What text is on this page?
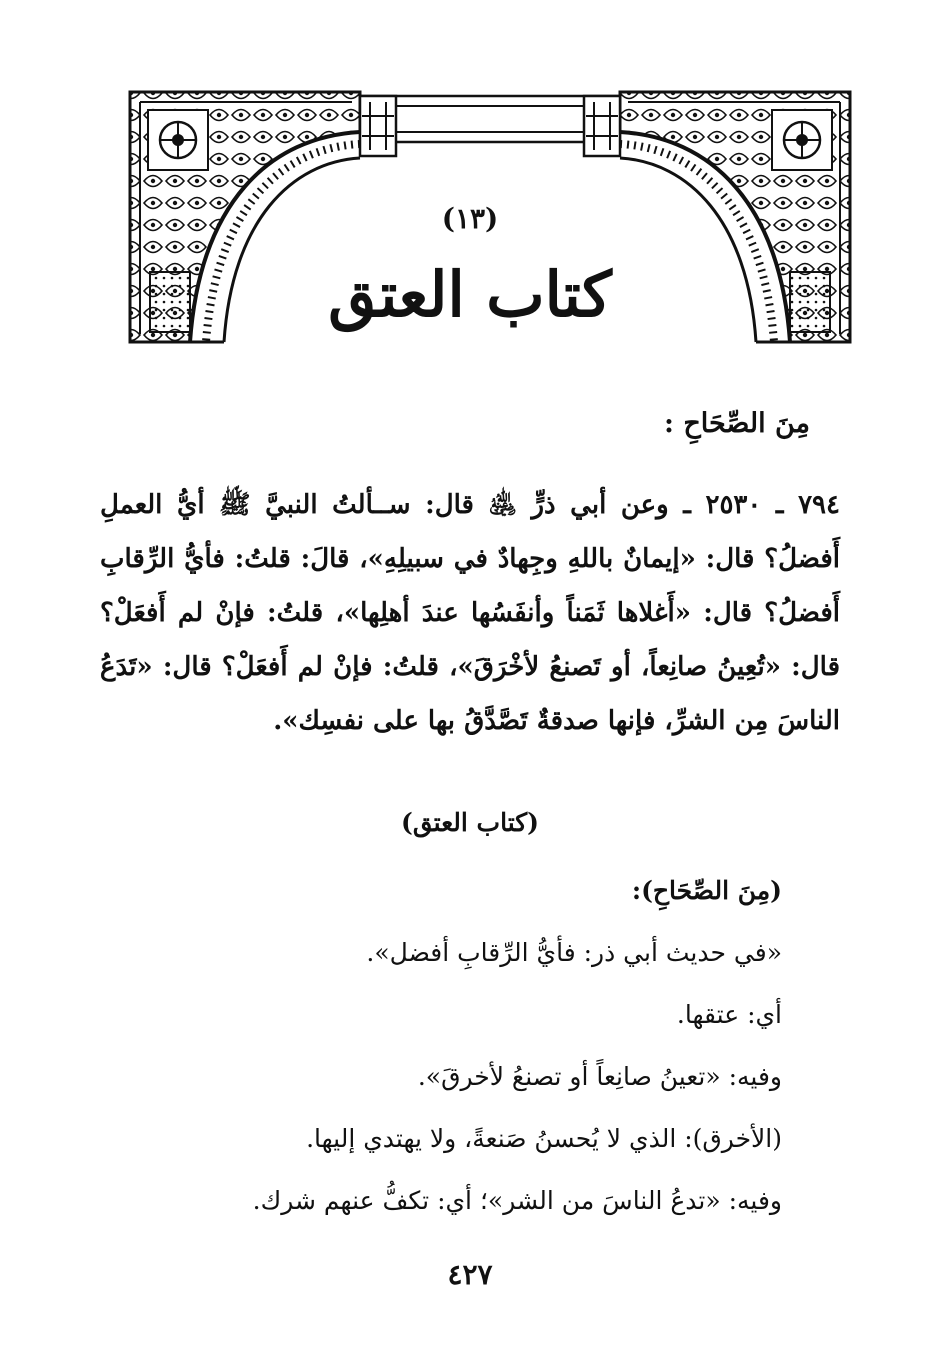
(١٣)
كتاب العتق
مِنَ الصِّحَاحِ :

٧٩٤ ـ ٢٥٣٠ ـ وعن أبي ذرٍّ ﵁ قال: ســألتُ النبيَّ ﷺ أيُّ العملِ أَفضلُ؟ قال: «إيمانٌ باللهِ وجِهادٌ في سبيلِهِ»، قالَ: قلتُ: فأيُّ الرِّقابِ أَفضلُ؟ قال: «أَغلاها ثَمَناً وأنفَسُها عندَ أهلِها»، قلتُ: فإنْ لم أَفعَلْ؟ قال: «تُعِينُ صانِعاً، أو تَصنعُ لأخْرَقَ»، قلتُ: فإنْ لم أَفعَلْ؟ قال: «تَدَعُ الناسَ مِن الشرِّ، فإنها صدقةٌ تَصَّدَّقُ بها على نفسِك».

(كتاب العتق)
(مِنَ الصِّحَاحِ):
«في حديث أبي ذر: فأيُّ الرِّقابِ أفضل».
أي: عتقها.
وفيه: «تعينُ صانِعاً أو تصنعُ لأخرقَ».
(الأخرق): الذي لا يُحسنُ صَنعةً، ولا يهتدي إليها.
وفيه: «تدعُ الناسَ من الشر»؛ أي: تكفُّ عنهم شرك.
٤٢٧
